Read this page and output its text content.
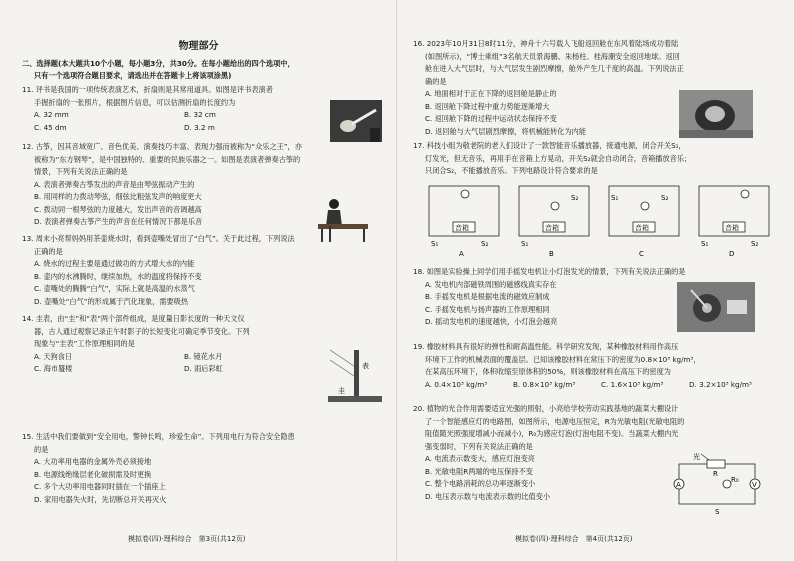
物理部分
二、选择题(本大题共10个小题，每小题3分，共30分。在每小题给出的四个选项中，
只有一个选项符合题目要求，请选出并在答题卡上将该项涂黑)
11. 评书是我国的一项传统表演艺术，折扇则是其常用道具。如图是评书表演者
手握折扇的一张照片，根据图片信息，可以估测折扇的长度约为
A. 32 mm	B. 32 cm
C. 45 dm	D. 3.2 m
12. 古筝，因其音域宽广、音色优美、演奏技巧丰富、表现力强而被称为“众乐之王”，亦
被称为“东方钢琴”，是中国独特的、重要的民族乐器之一。如图是表演者弹奏古筝的
情景，下列有关说法正确的是
A. 表演者弹奏古筝发出的声音是由琴弦振动产生的
B. 用同样的力拨动琴弦，细弦比粗弦发声的响度更大
C. 拨动同一根琴弦的力度越大，发出声音的音调越高
D. 表演者弹奏古筝产生的声音在任何情况下都是乐音
13. 周末小亮帮妈妈用茶壶烧水时，看到壶嘴处冒出了“白气”。关于此过程，下列说法
正确的是
A. 烧水的过程主要是通过做功的方式增大水的内能
B. 壶内的水沸腾时，继续加热，水的温度将保持不变
C. 壶嘴处的腾腾“白气”，实际上就是高温的水蒸气
D. 壶嘴处“白气”的形成属于汽化现象，需要吸热
14. 圭表，由“圭”和“表”两个部件组成，是度量日影长度的一种天文仪
器，古人通过观察记录正午时影子的长短变化可确定季节变化。下列
现象与“圭表”工作原理相同的是
A. 天狗食日	B. 镜花水月
C. 海市蜃楼	D. 雨后彩虹	表
圭
15. 生活中我们要做到“安全用电，警钟长鸣，珍爱生命”。下列用电行为符合安全隐患
的是
A. 大功率用电器的金属外壳必须接地
B. 电源线绝缘层老化破损需及时更换
C. 多个大功率用电器同时插在一个插座上
D. 家用电器失火时，先切断总开关再灭火
模拟卷(四)·理科综合　第3页(共12页)
16. 2023年10月31日8时11分，神舟十六号载人飞船返回舱在东风着陆场成功着陆
(如图所示)，“博士乘组”3名航天员景海鹏、朱杨柱、桂海潮安全返回地球。返回
舱在进入大气层时，与大气层发生剧烈摩擦，舱外产生几千度的高温。下列说法正
确的是
A. 地面相对于正在下降的返回舱是静止的
B. 返回舱下降过程中重力势能逐渐增大
C. 返回舱下降的过程中运动状态保持不变
D. 返回舱与大气层剧烈摩擦，将机械能转化为内能
17. 科技小组为敬老院的老人们设计了一款智能音乐播放器，接通电源，闭合开关S₁，
灯发光，但无音乐，再用手在音箱上方晃动，开关S₂就会自动闭合，音箱播放音乐；
只闭合S₂，不能播放音乐。下列电路设计符合要求的是
音箱
S₁	S₂
A
音箱
S₁
S₂
B
音箱
S₁	S₂
C
音箱
S₁	S₂
D
18. 如图是实验操上同学们用手摇发电机让小灯泡发光的情景，下列有关说法正确的是
A. 发电机内部磁铁周围的磁感线真实存在
B. 手摇发电机是根据电流的磁效应制成
C. 手摇发电机与扬声器的工作原理相同
D. 摇动发电机的速度越快，小灯泡会越亮
19. 橡胶材料具有很好的弹性和耐高温性能。科学研究发现，某种橡胶材料用作高压
环境下工作的机械表面的覆盖层。已知该橡胶材料在常压下的密度为0.8×10³ kg/m³，
在某高压环境下，体积收缩至原体积的50%，则该橡胶材料在高压下的密度为
A. 0.4×10³ kg/m³	B. 0.8×10³ kg/m³	C. 1.6×10³ kg/m³	D. 3.2×10³ kg/m³
20. 植物的光合作用需要适宜光强的照射，小亮给学校劳动实践基地的蔬菜大棚设计
了一个智能感应灯的电路图，如图所示，电源电压恒定，R为光敏电阻(光敏电阻的
阻值随光照强度增减小而减小)，R₀为感应灯泡(灯泡电阻不变)。当蔬菜大棚内光
强变弱时，下列有关说法正确的是
A. 电流表示数变大，感应灯泡变亮
B. 光敏电阻R两端的电压保持不变
C. 整个电路消耗的总功率逐渐变小
D. 电压表示数与电流表示数的比值变小
光
R
A	V
R₀
S
模拟卷(四)·理科综合　第4页(共12页)
